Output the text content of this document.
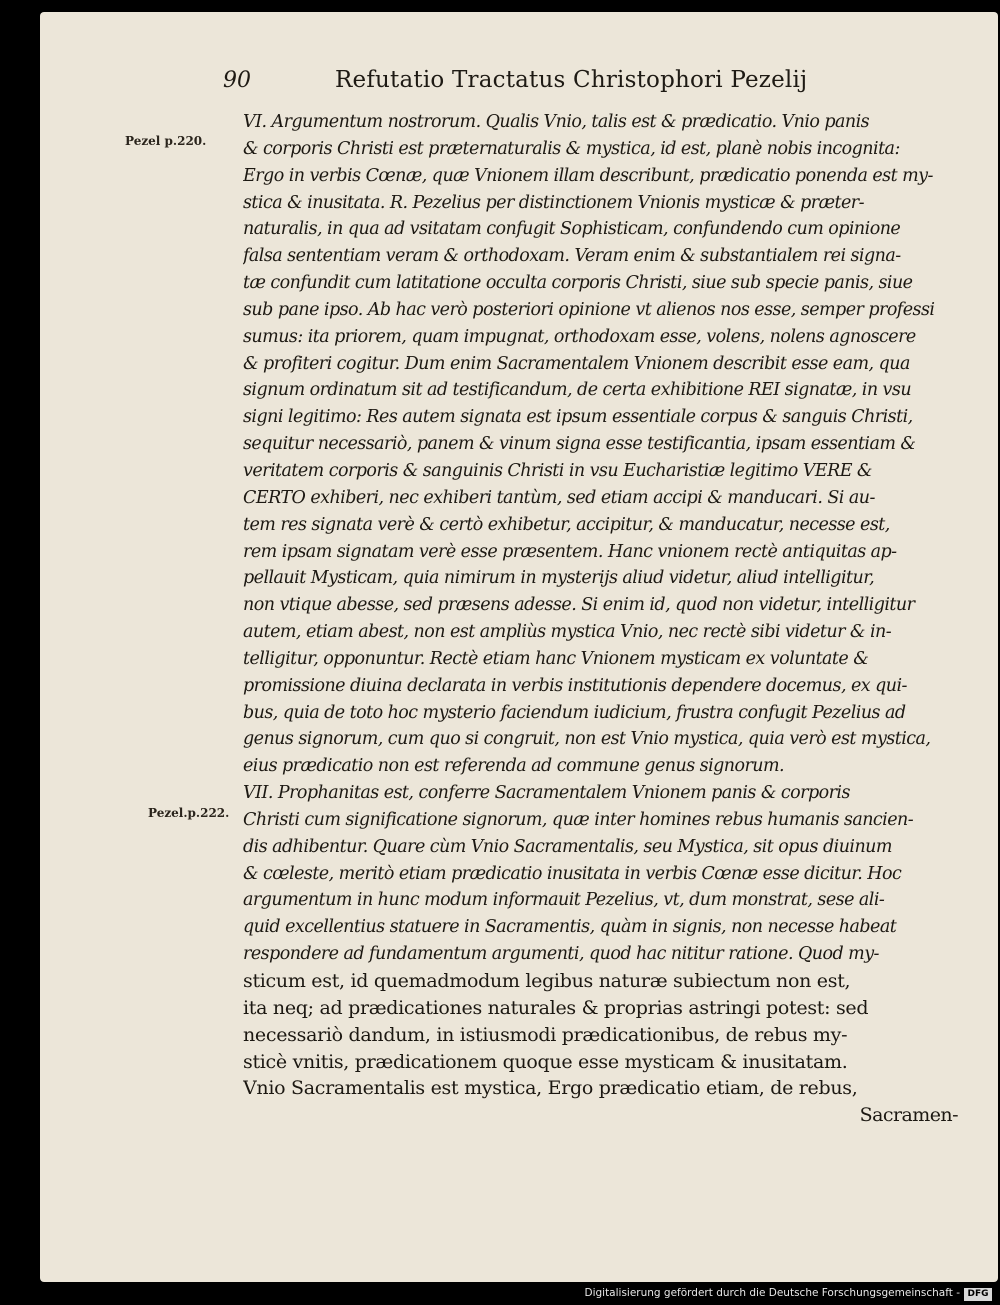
90	Refutatio Tractatus Christophori Pezelij
Pezel p.220.
Pezel.p.222.
VI. Argumentum nostrorum. Qualis Vnio, talis est & prædicatio. Vnio panis
& corporis Christi est præternaturalis & mystica, id est, planè nobis incognita:
Ergo in verbis Cœnæ, quæ Vnionem illam describunt, prædicatio ponenda est my-
stica & inusitata. R. Pezelius per distinctionem Vnionis mysticæ & præter-
naturalis, in qua ad vsitatam confugit Sophisticam, confundendo cum opinione
falsa sententiam veram & orthodoxam. Veram enim & substantialem rei signa-
tæ confundit cum latitatione occulta corporis Christi, siue sub specie panis, siue
sub pane ipso. Ab hac verò posteriori opinione vt alienos nos esse, semper professi
sumus: ita priorem, quam impugnat, orthodoxam esse, volens, nolens agnoscere
& profiteri cogitur. Dum enim Sacramentalem Vnionem describit esse eam, qua
signum ordinatum sit ad testificandum, de certa exhibitione REI signatæ, in vsu
signi legitimo: Res autem signata est ipsum essentiale corpus & sanguis Christi,
sequitur necessariò, panem & vinum signa esse testificantia, ipsam essentiam &
veritatem corporis & sanguinis Christi in vsu Eucharistiæ legitimo VERE &
CERTO exhiberi, nec exhiberi tantùm, sed etiam accipi & manducari. Si au-
tem res signata verè & certò exhibetur, accipitur, & manducatur, necesse est,
rem ipsam signatam verè esse præsentem. Hanc vnionem rectè antiquitas ap-
pellauit Mysticam, quia nimirum in mysterijs aliud videtur, aliud intelligitur,
non vtique abesse, sed præsens adesse. Si enim id, quod non videtur, intelligitur
autem, etiam abest, non est ampliùs mystica Vnio, nec rectè sibi videtur & in-
telligitur, opponuntur. Rectè etiam hanc Vnionem mysticam ex voluntate &
promissione diuina declarata in verbis institutionis dependere docemus, ex qui-
bus, quia de toto hoc mysterio faciendum iudicium, frustra confugit Pezelius ad
genus signorum, cum quo si congruit, non est Vnio mystica, quia verò est mystica,
eius prædicatio non est referenda ad commune genus signorum.
VII. Prophanitas est, conferre Sacramentalem Vnionem panis & corporis
Christi cum significatione signorum, quæ inter homines rebus humanis sancien-
dis adhibentur. Quare cùm Vnio Sacramentalis, seu Mystica, sit opus diuinum
& cœleste, meritò etiam prædicatio inusitata in verbis Cœnæ esse dicitur. Hoc
argumentum in hunc modum informauit Pezelius, vt, dum monstrat, sese ali-
quid excellentius statuere in Sacramentis, quàm in signis, non necesse habeat
respondere ad fundamentum argumenti, quod hac nititur ratione. Quod my-
sticum est, id quemadmodum legibus naturæ subiectum non est,
ita neq; ad prædicationes naturales & proprias astringi potest: sed
necessariò dandum, in istiusmodi prædicationibus, de rebus my-
sticè vnitis, prædicationem quoque esse mysticam & inusitatam.
Vnio Sacramentalis est mystica, Ergo prædicatio etiam, de rebus,
Sacramen-
Digitalisierung gefördert durch die Deutsche Forschungsgemeinschaft - DFG
